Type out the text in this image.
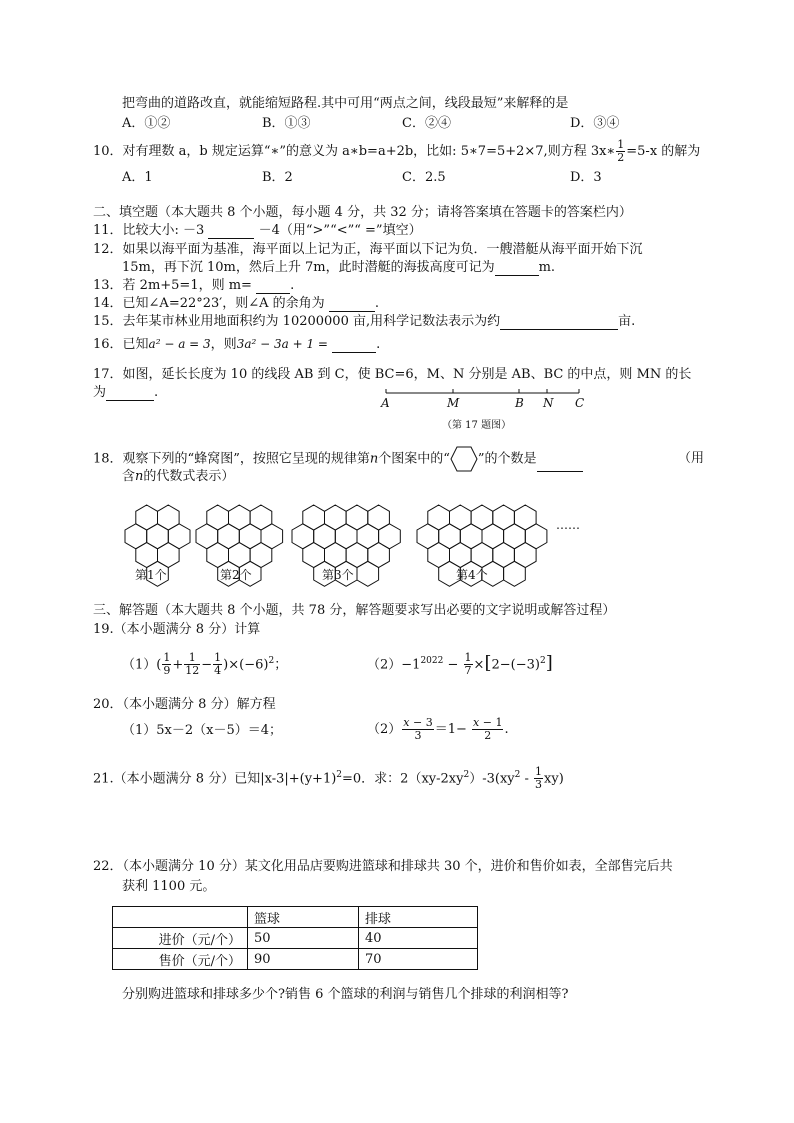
把弯曲的道路改直，就能缩短路程.其中可用“两点之间，线段最短”来解释的是
A．①②	B．①③	C．②④	D．③④
10．对有理数 a，b 规定运算“∗”的意义为 a∗b=a+2b，比如: 5∗7=5+2×7,则方程 3x∗ $\frac{1}{2} =5-x$ 的解为
A．1	B．2	C．2.5	D．3
二、填空题（本大题共 8 个小题，每小题 4 分，共 32 分；请将答案填在答题卡的答案栏内）
11．比较大小: －3	－4（用“>”“<”“ =”填空）
12．如果以海平面为基准，海平面以上记为正，海平面以下记为负．一艘潜艇从海平面开始下沉
15m，再下沉 10m，然后上升 7m，此时潜艇的海拔高度可记为	m.
13．若 2m+5=1，则 m=	.
14．已知∠A=22°23′，则∠A 的余角为	.
15．去年某市林业用地面积约为 10200000 亩,用科学记数法表示为约	亩.
16．已知a² − a = 3，则3a² − 3a + 1 =	.
17．如图，延长长度为 10 的线段 AB 到 C，使 BC=6，M、N 分别是 AB、BC 的中点，则 MN 的长
为	.
A	M	B N C
（第 17 题图）
18．观察下列的“蜂窝图”，按照它呈现的规律第n个图案中的“ ”的个数是	（用
含n的代数式表示）
第1个	第2个	第3个	第4个
……
三、解答题（本大题共 8 个小题，共 78 分，解答题要求写出必要的文字说明或解答过程）
19.（本小题满分 8 分）计算
$(1)( \frac{1}{9} + \frac{1}{12} - \frac{1}{4} )\times(-6)^2$；	$(2)-1^{2022} - \frac{1}{7} \times[2-(-3)^2]$
20．（本小题满分 8 分）解方程
（1）5x－2（x－5）＝4；	$(2) \frac{x - 3}{3} =1- \frac{x - 1}{2}$ .
21.（本小题满分 8 分）已知$|x-3|+(y+1)^2=0$．求：$2(xy-2xy^2)-3(xy^2 - \frac{1}{3} xy)$
22．（本小题满分 10 分）某文化用品店要购进篮球和排球共 30 个，进价和售价如表，全部售完后共
获利 1100 元。
	篮球	排球
进价（元/个）	50	40
售价（元/个）	90	70
分别购进篮球和排球多少个?销售 6 个篮球的利润与销售几个排球的利润相等?
